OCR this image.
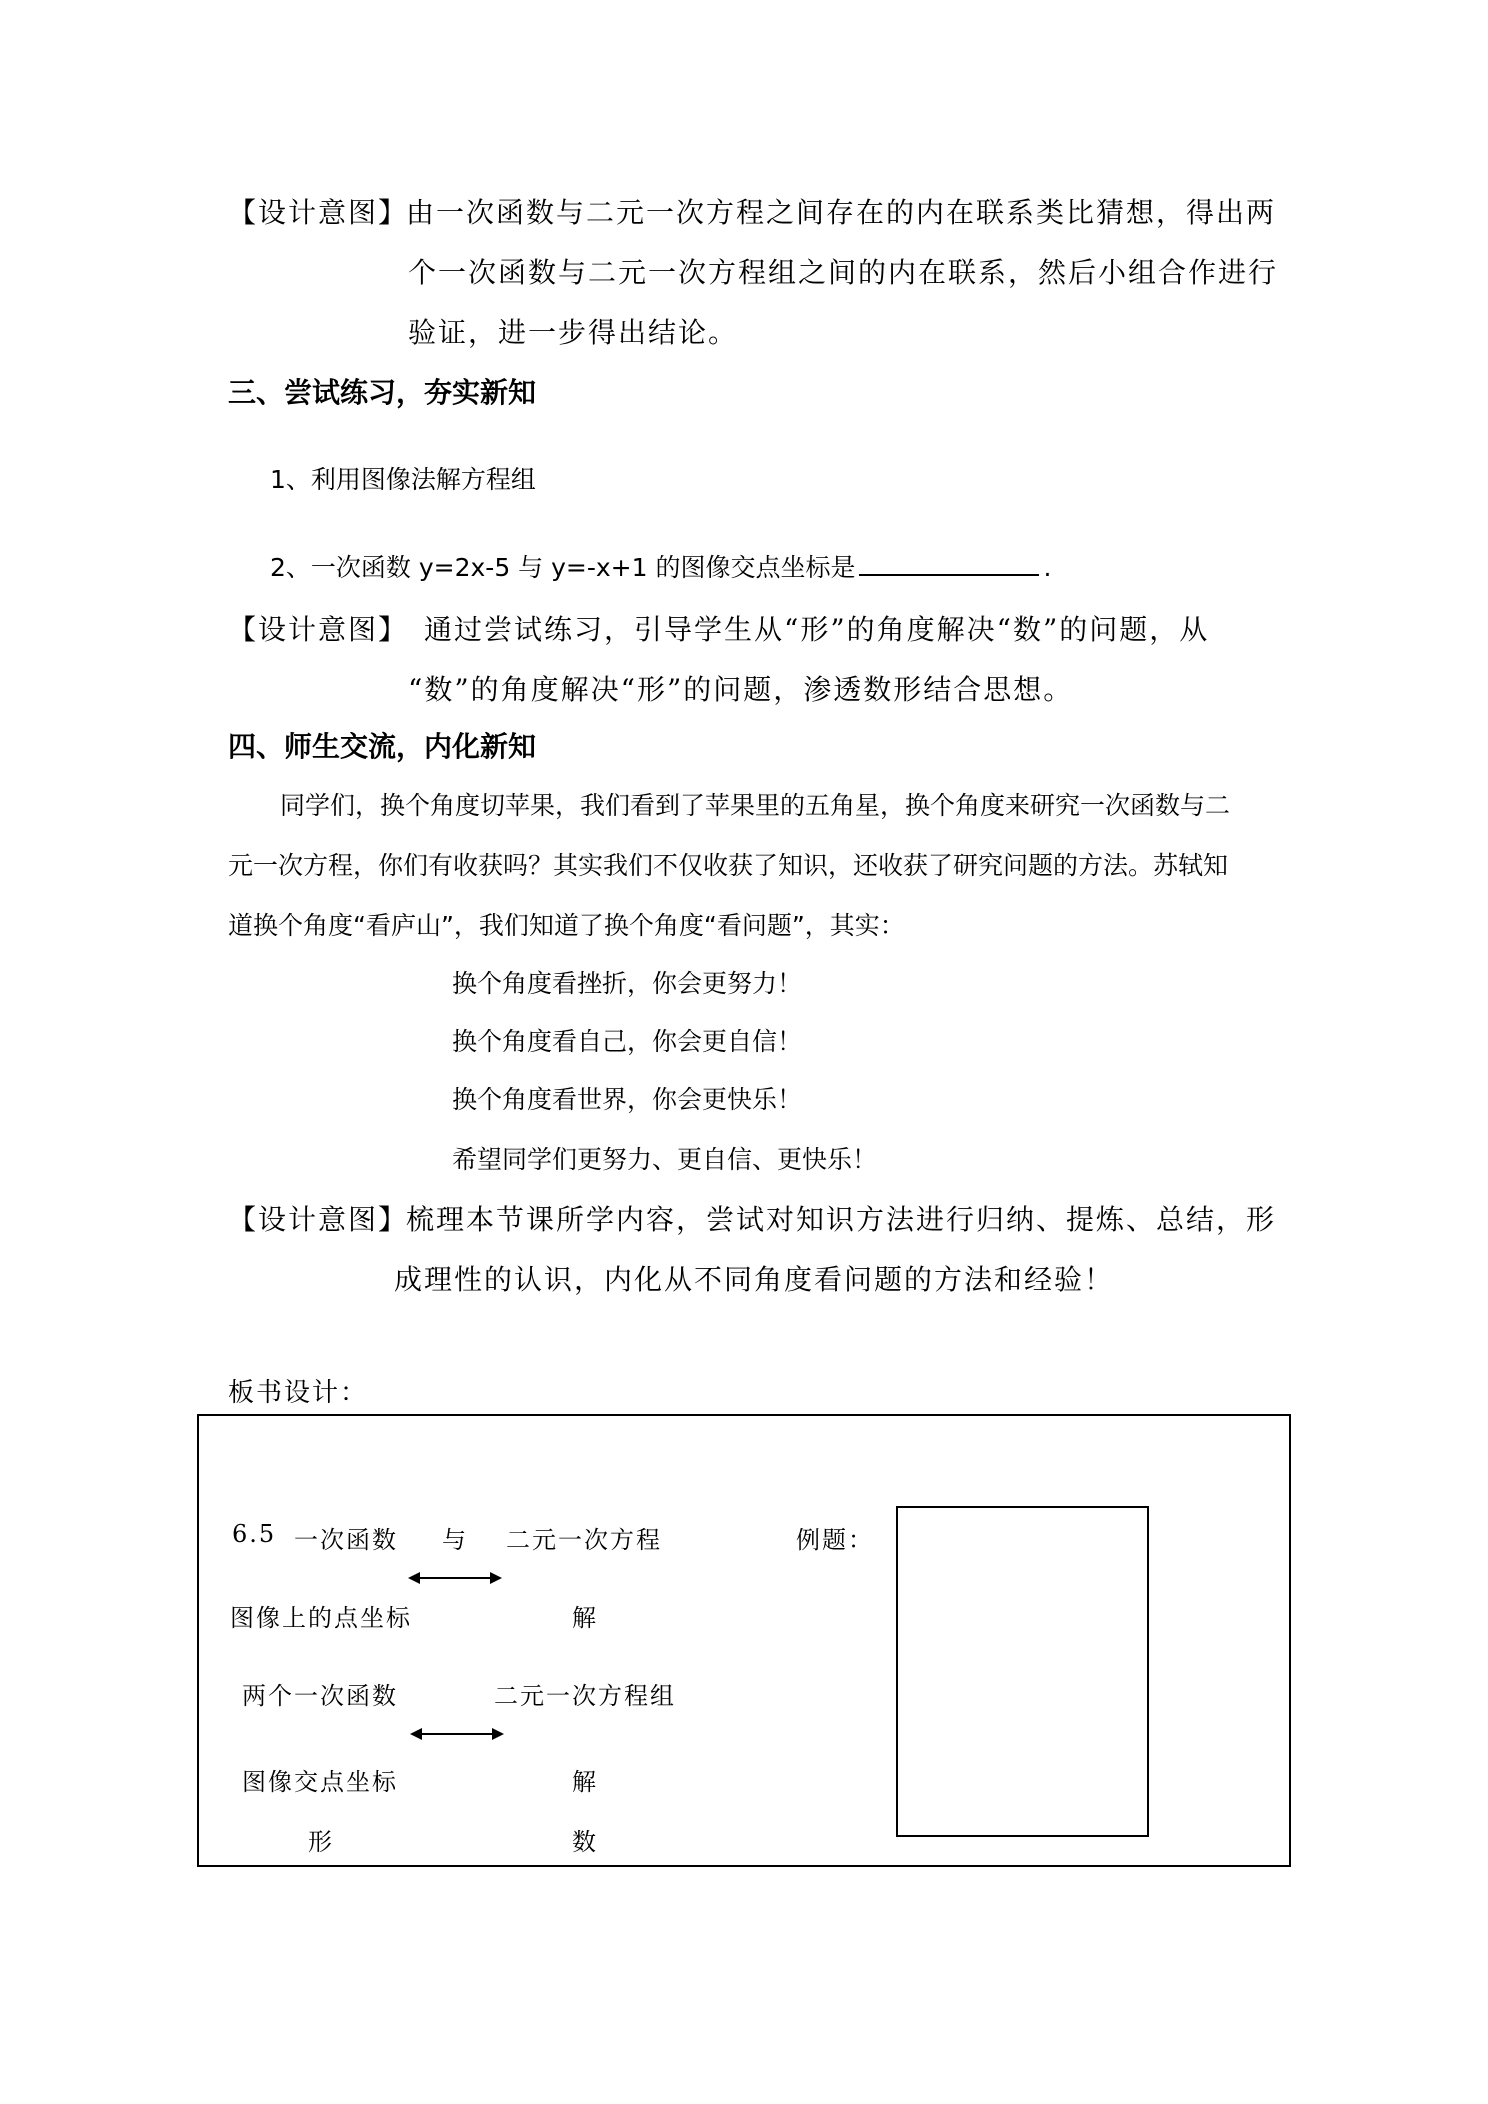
【设计意图】
由一次函数与二元一次方程之间存在的内在联系类比猜想，得出两
个一次函数与二元一次方程组之间的内在联系，然后小组合作进行
验证，进一步得出结论。
三、尝试练习，夯实新知
1、利用图像法解方程组
2、一次函数 y=2x-5 与 y=-x+1 的图像交点坐标是	.
【设计意图】 通过尝试练习，引导学生从“形”的角度解决“数”的问题，从
“数”的角度解决“形”的问题，渗透数形结合思想。
四、师生交流，内化新知
同学们，换个角度切苹果，我们看到了苹果里的五角星，换个角度来研究一次函数与二
元一次方程，你们有收获吗？其实我们不仅收获了知识，还收获了研究问题的方法。苏轼知
道换个角度“看庐山”，我们知道了换个角度“看问题”，其实：
换个角度看挫折，你会更努力！
换个角度看自己，你会更自信！
换个角度看世界，你会更快乐！
希望同学们更努力、更自信、更快乐！
【设计意图】
梳理本节课所学内容，尝试对知识方法进行归纳、提炼、总结，形
成理性的认识，内化从不同角度看问题的方法和经验！
板书设计：
6.5 一次函数 与 二元一次方程	例题：
图像上的点坐标	解
两个一次函数	二元一次方程组
图像交点坐标	解
形	数
